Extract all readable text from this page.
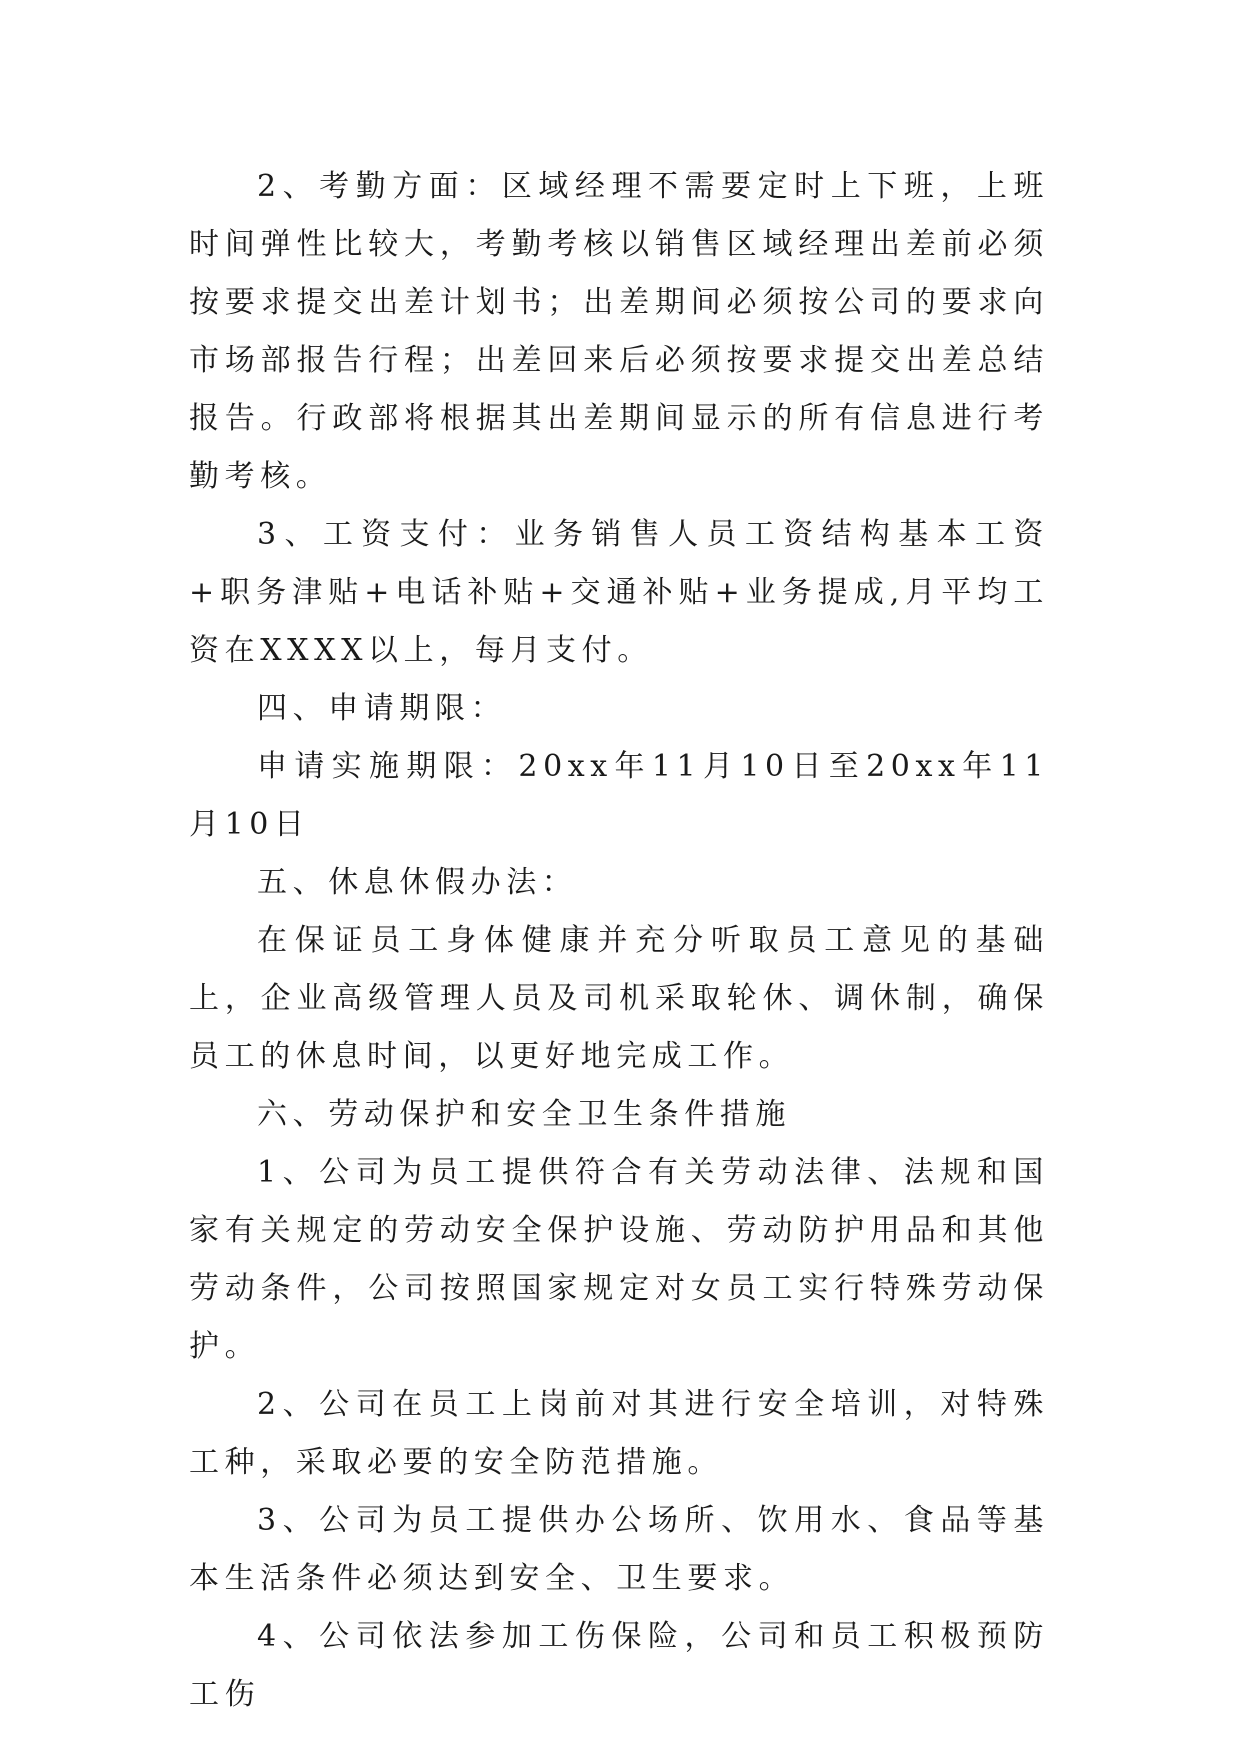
2、考勤方面：区域经理不需要定时上下班，上班时间弹性比较大，考勤考核以销售区域经理出差前必须按要求提交出差计划书；出差期间必须按公司的要求向市场部报告行程；出差回来后必须按要求提交出差总结报告。行政部将根据其出差期间显示的所有信息进行考勤考核。

3、工资支付：业务销售人员工资结构基本工资+职务津贴+电话补贴+交通补贴+业务提成,月平均工资在XXXX以上，每月支付。

四、申请期限：

申请实施期限：20xx年11月10日至20xx年11月10日

五、休息休假办法：

在保证员工身体健康并充分听取员工意见的基础上，企业高级管理人员及司机采取轮休、调休制，确保员工的休息时间，以更好地完成工作。

六、劳动保护和安全卫生条件措施

1、公司为员工提供符合有关劳动法律、法规和国家有关规定的劳动安全保护设施、劳动防护用品和其他劳动条件，公司按照国家规定对女员工实行特殊劳动保护。

2、公司在员工上岗前对其进行安全培训，对特殊工种，采取必要的安全防范措施。

3、公司为员工提供办公场所、饮用水、食品等基本生活条件必须达到安全、卫生要求。

4、公司依法参加工伤保险，公司和员工积极预防工伤
